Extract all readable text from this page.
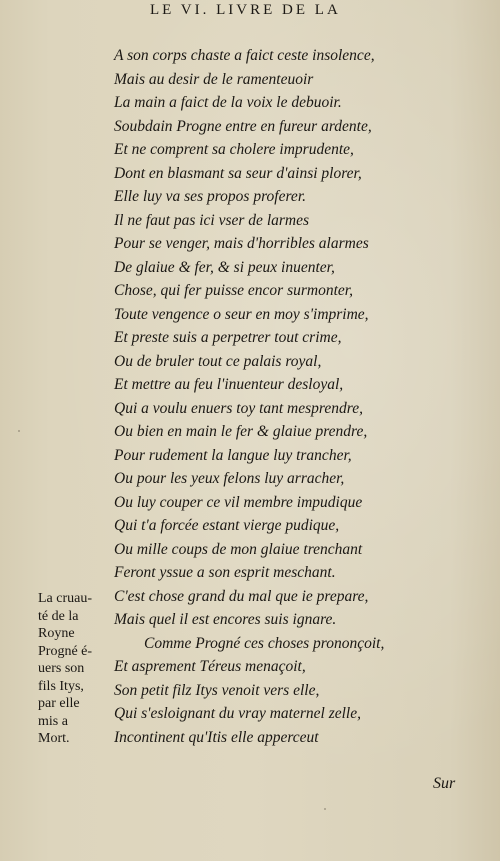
LE VI. LIVRE DE LA
A son corps chaste a faict ceste insolence,
Mais au desir de le ramenteuoir
La main a faict de la voix le debuoir.
Soubdain Progne entre en fureur ardente,
Et ne comprent sa cholere imprudente,
Dont en blasmant sa seur d'ainsi plorer,
Elle luy va ses propos proferer.
Il ne faut pas ici vser de larmes
Pour se venger, mais d'horribles alarmes
De glaiue & fer, & si peux inuenter,
Chose, qui fer puisse encor surmonter,
Toute vengence o seur en moy s'imprime,
Et preste suis a perpetrer tout crime,
Ou de bruler tout ce palais royal,
Et mettre au feu l'inuenteur desloyal,
Qui a voulu enuers toy tant mesprendre,
Ou bien en main le fer & glaiue prendre,
Pour rudement la langue luy trancher,
Ou pour les yeux felons luy arracher,
Ou luy couper ce vil membre impudique
Qui t'a forcée estant vierge pudique,
Ou mille coups de mon glaiue trenchant
Feront yssue a son esprit meschant.
C'est chose grand du mal que ie prepare,
Mais quel il est encores suis ignare.
Comme Progné ces choses prononçoit,
Et asprement Téreus menaçoit,
Son petit filz Itys venoit vers elle,
Qui s'esloignant du vray maternel zelle,
Incontinent qu'Itis elle apperceut
La cruau-
té de la
Royne
Progné é-
uers son
fils Itys,
par elle
mis a
Mort.
Sur
